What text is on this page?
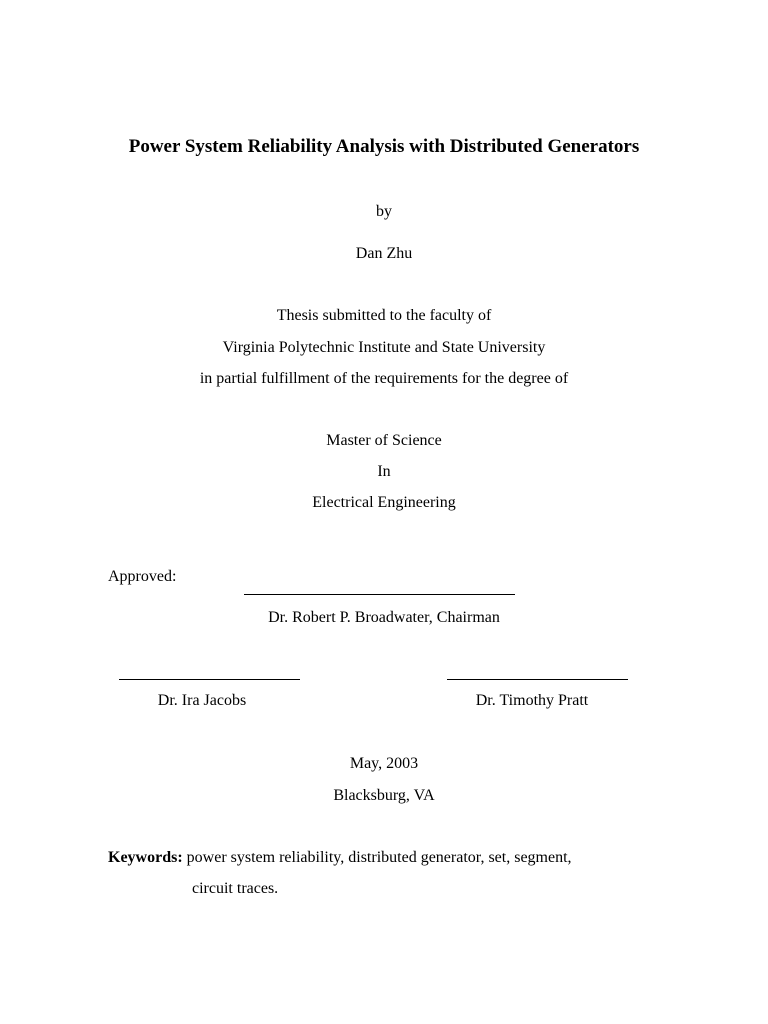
Power System Reliability Analysis with Distributed Generators
by
Dan Zhu
Thesis submitted to the faculty of
Virginia Polytechnic Institute and State University
in partial fulfillment of the requirements for the degree of
Master of Science
In
Electrical Engineering
Approved:
Dr. Robert P. Broadwater, Chairman
Dr. Ira Jacobs	Dr. Timothy Pratt
May, 2003
Blacksburg, VA
Keywords: power system reliability, distributed generator, set, segment,
circuit traces.
